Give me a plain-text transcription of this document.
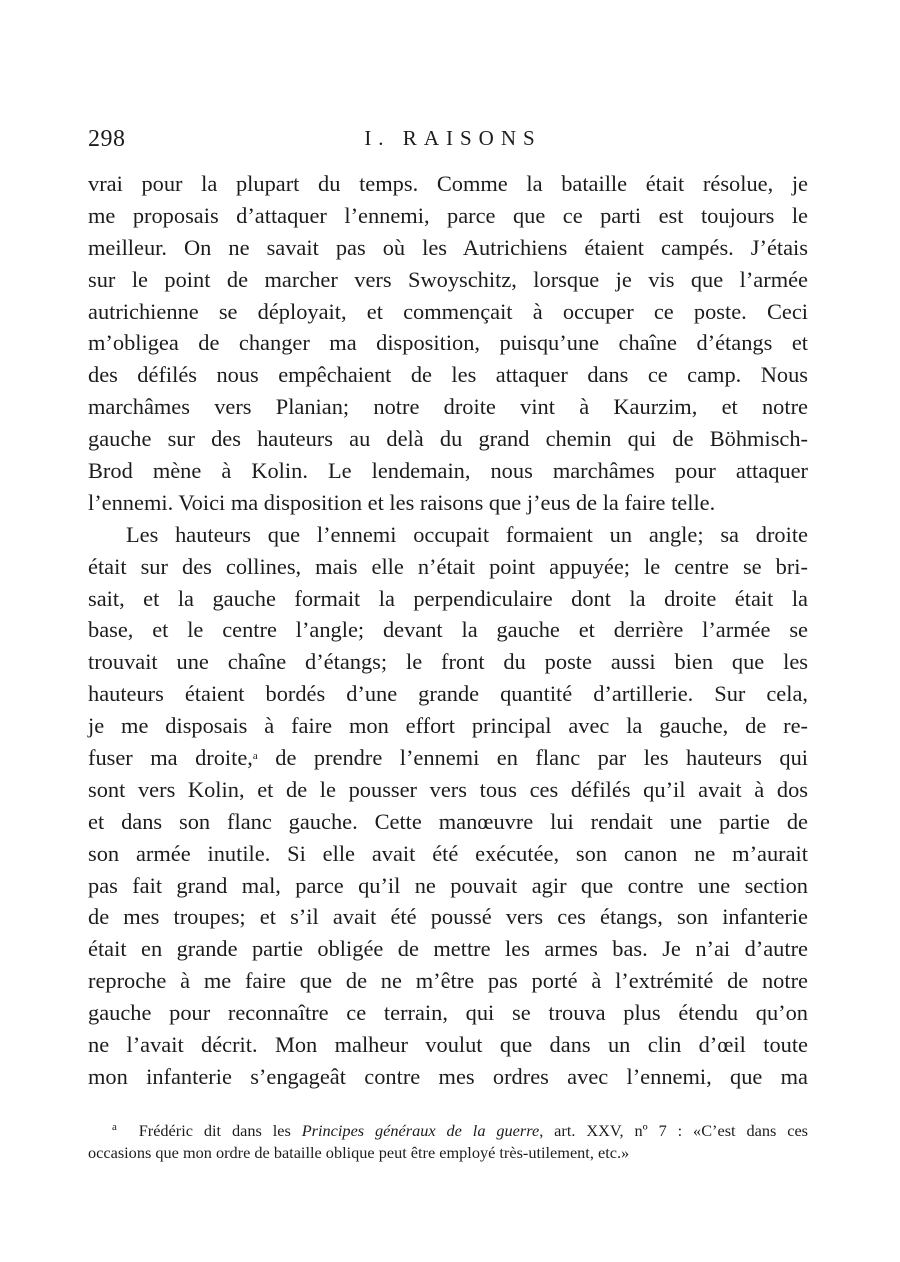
298	I. RAISONS
vrai pour la plupart du temps. Comme la bataille était résolue, je
me proposais d’attaquer l’ennemi, parce que ce parti est toujours le
meilleur. On ne savait pas où les Autrichiens étaient campés. J’étais
sur le point de marcher vers Swoyschitz, lorsque je vis que l’armée
autrichienne se déployait, et commençait à occuper ce poste. Ceci
m’obligea de changer ma disposition, puisqu’une chaîne d’étangs et
des défilés nous empêchaient de les attaquer dans ce camp. Nous
marchâmes vers Planian; notre droite vint à Kaurzim, et notre
gauche sur des hauteurs au delà du grand chemin qui de Böhmisch-
Brod mène à Kolin. Le lendemain, nous marchâmes pour attaquer
l’ennemi. Voici ma disposition et les raisons que j’eus de la faire telle.
Les hauteurs que l’ennemi occupait formaient un angle; sa droite
était sur des collines, mais elle n’était point appuyée; le centre se bri-
sait, et la gauche formait la perpendiculaire dont la droite était la
base, et le centre l’angle; devant la gauche et derrière l’armée se
trouvait une chaîne d’étangs; le front du poste aussi bien que les
hauteurs étaient bordés d’une grande quantité d’artillerie. Sur cela,
je me disposais à faire mon effort principal avec la gauche, de re-
fuser ma droite,$^a$ de prendre l’ennemi en flanc par les hauteurs qui
sont vers Kolin, et de le pousser vers tous ces défilés qu’il avait à dos
et dans son flanc gauche. Cette manœuvre lui rendait une partie de
son armée inutile. Si elle avait été exécutée, son canon ne m’aurait
pas fait grand mal, parce qu’il ne pouvait agir que contre une section
de mes troupes; et s’il avait été poussé vers ces étangs, son infanterie
était en grande partie obligée de mettre les armes bas. Je n’ai d’autre
reproche à me faire que de ne m’être pas porté à l’extrémité de notre
gauche pour reconnaître ce terrain, qui se trouva plus étendu qu’on
ne l’avait décrit. Mon malheur voulut que dans un clin d’œil toute
mon infanterie s’engageât contre mes ordres avec l’ennemi, que ma
$^a$ Frédéric dit dans les Principes généraux de la guerre, art. XXV, nº 7 : «C’est dans ces
occasions que mon ordre de bataille oblique peut être employé très-utilement, etc.»
